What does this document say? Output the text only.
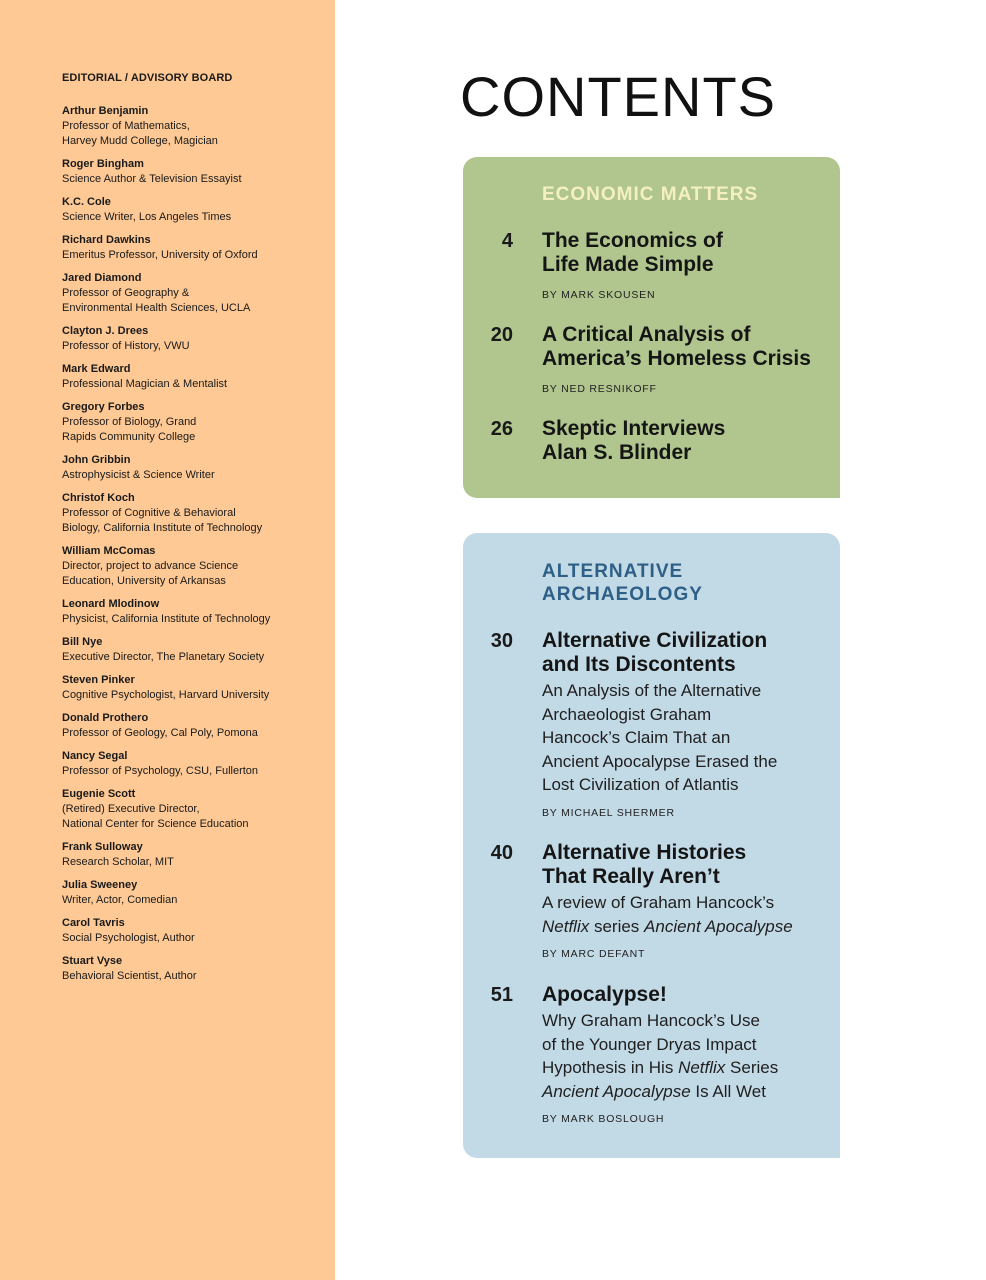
EDITORIAL / ADVISORY BOARD
Arthur Benjamin
Professor of Mathematics,
Harvey Mudd College, Magician
Roger Bingham
Science Author & Television Essayist
K.C. Cole
Science Writer, Los Angeles Times
Richard Dawkins
Emeritus Professor, University of Oxford
Jared Diamond
Professor of Geography &
Environmental Health Sciences, UCLA
Clayton J. Drees
Professor of History, VWU
Mark Edward
Professional Magician & Mentalist
Gregory Forbes
Professor of Biology, Grand
Rapids Community College
John Gribbin
Astrophysicist & Science Writer
Christof Koch
Professor of Cognitive & Behavioral
Biology, California Institute of Technology
William McComas
Director, project to advance Science
Education, University of Arkansas
Leonard Mlodinow
Physicist, California Institute of Technology
Bill Nye
Executive Director, The Planetary Society
Steven Pinker
Cognitive Psychologist, Harvard University
Donald Prothero
Professor of Geology, Cal Poly, Pomona
Nancy Segal
Professor of Psychology, CSU, Fullerton
Eugenie Scott
(Retired) Executive Director,
National Center for Science Education
Frank Sulloway
Research Scholar, MIT
Julia Sweeney
Writer, Actor, Comedian
Carol Tavris
Social Psychologist, Author
Stuart Vyse
Behavioral Scientist, Author
CONTENTS
ECONOMIC MATTERS
4 The Economics of
Life Made Simple
BY MARK SKOUSEN
20 A Critical Analysis of
America’s Homeless Crisis
BY NED RESNIKOFF
26 Skeptic Interviews
Alan S. Blinder
ALTERNATIVE ARCHAEOLOGY
30 Alternative Civilization
and Its Discontents
An Analysis of the Alternative
Archaeologist Graham
Hancock’s Claim That an
Ancient Apocalypse Erased the
Lost Civilization of Atlantis
BY MICHAEL SHERMER
40 Alternative Histories
That Really Aren’t
A review of Graham Hancock’s
Netflix series Ancient Apocalypse
BY MARC DEFANT
51 Apocalypse!
Why Graham Hancock’s Use
of the Younger Dryas Impact
Hypothesis in His Netflix Series
Ancient Apocalypse Is All Wet
BY MARK BOSLOUGH
